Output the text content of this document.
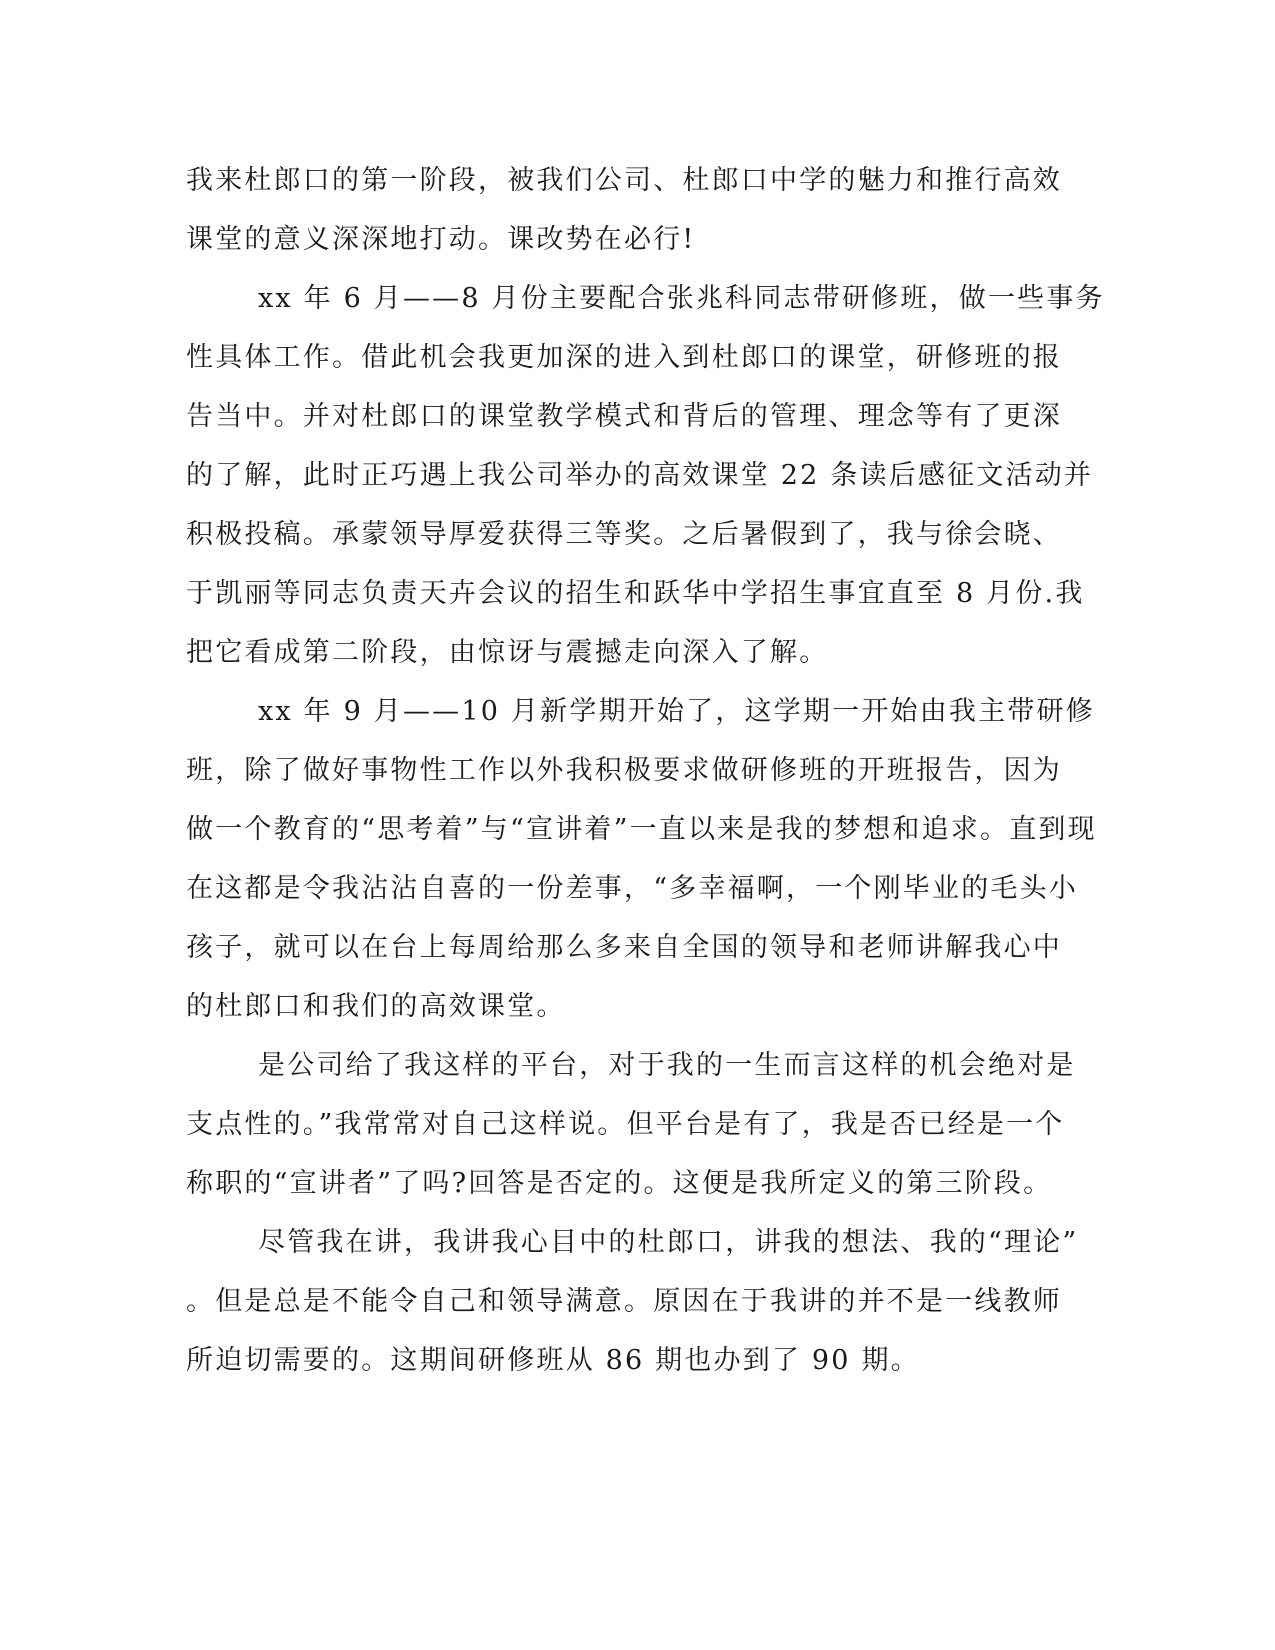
我来杜郎口的第一阶段，被我们公司、杜郎口中学的魅力和推行高效
课堂的意义深深地打动。课改势在必行!
xx 年 6 月——8 月份主要配合张兆科同志带研修班，做一些事务
性具体工作。借此机会我更加深的进入到杜郎口的课堂，研修班的报
告当中。并对杜郎口的课堂教学模式和背后的管理、理念等有了更深
的了解，此时正巧遇上我公司举办的高效课堂 22 条读后感征文活动并
积极投稿。承蒙领导厚爱获得三等奖。之后暑假到了，我与徐会晓、
于凯丽等同志负责天卉会议的招生和跃华中学招生事宜直至 8 月份.我
把它看成第二阶段，由惊讶与震撼走向深入了解。
xx 年 9 月——10 月新学期开始了，这学期一开始由我主带研修
班，除了做好事物性工作以外我积极要求做研修班的开班报告，因为
做一个教育的“思考着”与“宣讲着”一直以来是我的梦想和追求。直到现
在这都是令我沾沾自喜的一份差事，“多幸福啊，一个刚毕业的毛头小
孩子，就可以在台上每周给那么多来自全国的领导和老师讲解我心中
的杜郎口和我们的高效课堂。
是公司给了我这样的平台，对于我的一生而言这样的机会绝对是
支点性的。”我常常对自己这样说。但平台是有了，我是否已经是一个
称职的“宣讲者”了吗?回答是否定的。这便是我所定义的第三阶段。
尽管我在讲，我讲我心目中的杜郎口，讲我的想法、我的“理论”
。但是总是不能令自己和领导满意。原因在于我讲的并不是一线教师
所迫切需要的。这期间研修班从 86 期也办到了 90 期。
